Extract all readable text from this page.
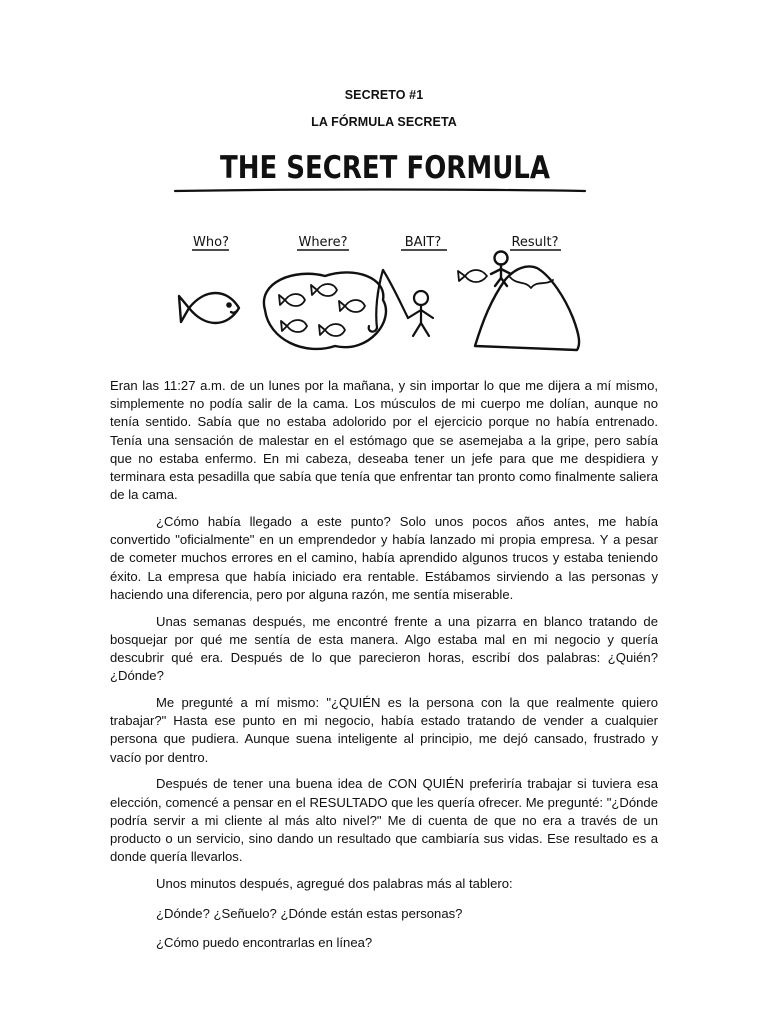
SECRETO #1
LA FÓRMULA SECRETA
THE SECRET FORMULA
Who?	Where?	BAIT?	Result?

Eran las 11:27 a.m. de un lunes por la mañana, y sin importar lo que me dijera a mí mismo, simplemente no podía salir de la cama. Los músculos de mi cuerpo me dolían, aunque no tenía sentido. Sabía que no estaba adolorido por el ejercicio porque no había entrenado. Tenía una sensación de malestar en el estómago que se asemejaba a la gripe, pero sabía que no estaba enfermo. En mi cabeza, deseaba tener un jefe para que me despidiera y terminara esta pesadilla que sabía que tenía que enfrentar tan pronto como finalmente saliera de la cama.

¿Cómo había llegado a este punto? Solo unos pocos años antes, me había convertido "oficialmente" en un emprendedor y había lanzado mi propia empresa. Y a pesar de cometer muchos errores en el camino, había aprendido algunos trucos y estaba teniendo éxito. La empresa que había iniciado era rentable. Estábamos sirviendo a las personas y haciendo una diferencia, pero por alguna razón, me sentía miserable.

Unas semanas después, me encontré frente a una pizarra en blanco tratando de bosquejar por qué me sentía de esta manera. Algo estaba mal en mi negocio y quería descubrir qué era. Después de lo que parecieron horas, escribí dos palabras: ¿Quién? ¿Dónde?

Me pregunté a mí mismo: "¿QUIÉN es la persona con la que realmente quiero trabajar?" Hasta ese punto en mi negocio, había estado tratando de vender a cualquier persona que pudiera. Aunque suena inteligente al principio, me dejó cansado, frustrado y vacío por dentro.

Después de tener una buena idea de CON QUIÉN preferiría trabajar si tuviera esa elección, comencé a pensar en el RESULTADO que les quería ofrecer. Me pregunté: "¿Dónde podría servir a mi cliente al más alto nivel?" Me di cuenta de que no era a través de un producto o un servicio, sino dando un resultado que cambiaría sus vidas. Ese resultado es a donde quería llevarlos.

Unos minutos después, agregué dos palabras más al tablero:

¿Dónde? ¿Señuelo? ¿Dónde están estas personas?

¿Cómo puedo encontrarlas en línea?
